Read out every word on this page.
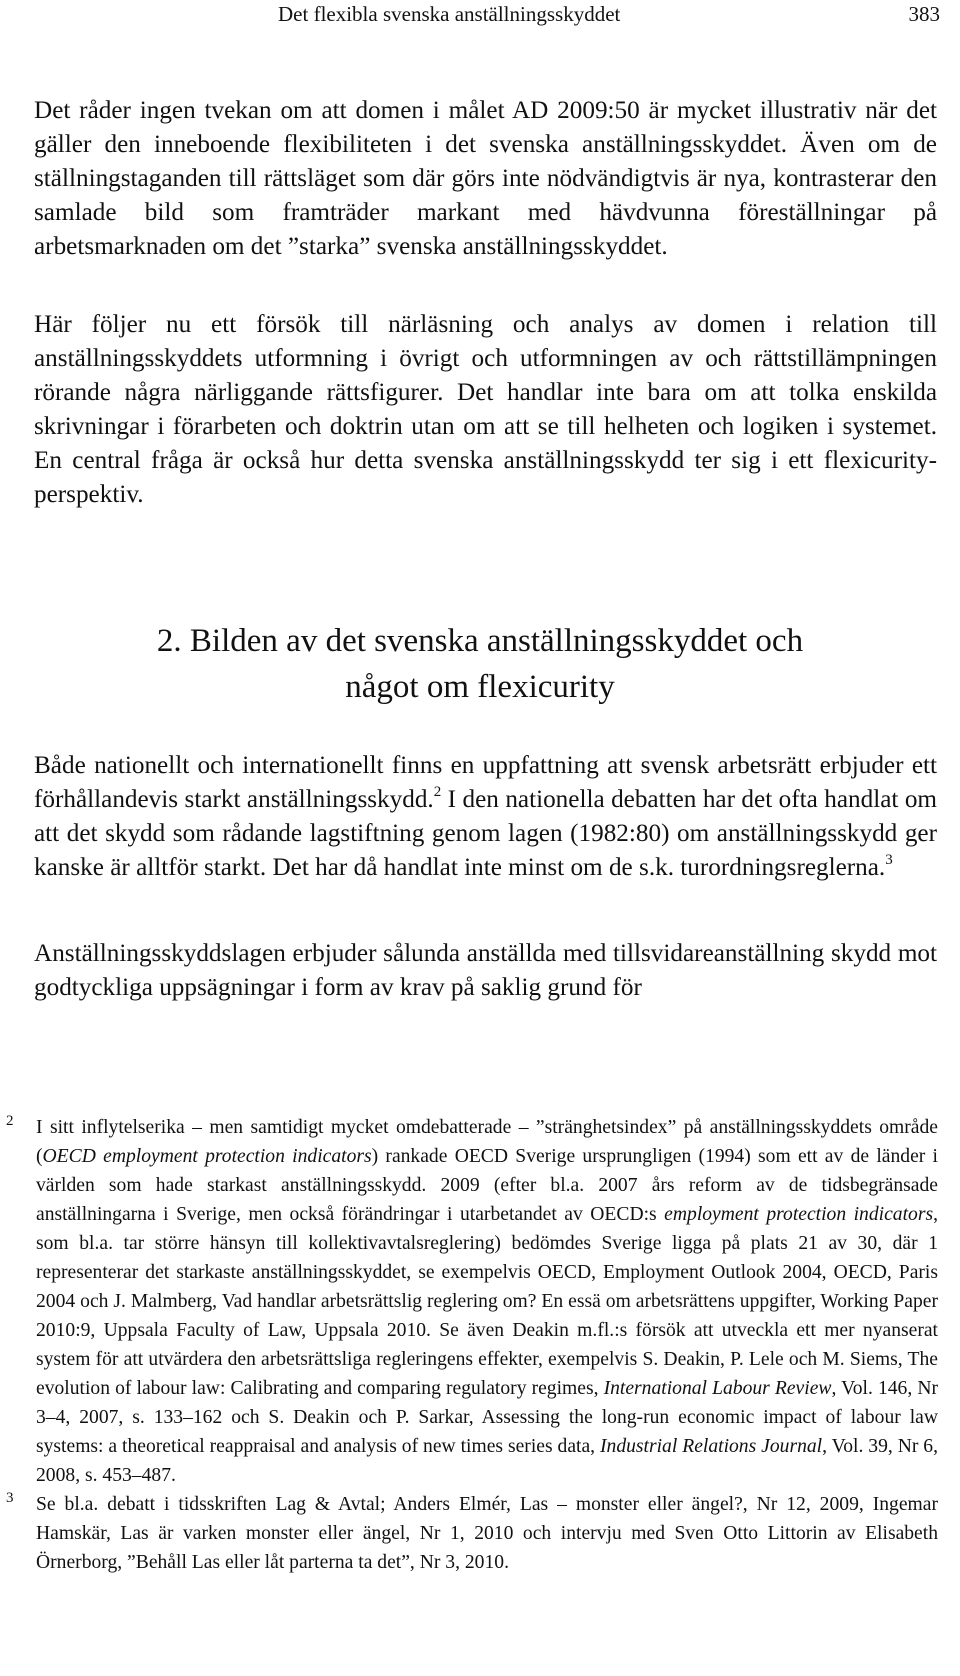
Det flexibla svenska anställningsskyddet	383

Det råder ingen tvekan om att domen i målet AD 2009:50 är mycket illustrativ när det gäller den inneboende flexibiliteten i det svenska anställningsskyddet. Även om de ställningstaganden till rättsläget som där görs inte nödvändigtvis är nya, kontrasterar den samlade bild som framträder markant med hävdvunna föreställningar på arbetsmarknaden om det ”starka” svenska anställningsskyddet.

Här följer nu ett försök till närläsning och analys av domen i relation till anställningsskyddets utformning i övrigt och utformningen av och rättstillämpningen rörande några närliggande rättsfigurer. Det handlar inte bara om att tolka enskilda skrivningar i förarbeten och doktrin utan om att se till helheten och logiken i systemet. En central fråga är också hur detta svenska anställningsskydd ter sig i ett flexicurity-perspektiv.

2. Bilden av det svenska anställningsskyddet och
något om flexicurity

Både nationellt och internationellt finns en uppfattning att svensk arbetsrätt erbjuder ett förhållandevis starkt anställningsskydd.$^2$ I den nationella debatten har det ofta handlat om att det skydd som rådande lagstiftning genom lagen (1982:80) om anställningsskydd ger kanske är alltför starkt. Det har då handlat inte minst om de s.k. turordningsreglerna.$^3$

Anställningsskyddslagen erbjuder sålunda anställda med tillsvidareanställning skydd mot godtyckliga uppsägningar i form av krav på saklig grund för

2 I sitt inflytelserika – men samtidigt mycket omdebatterade – ”stränghetsindex” på anställningsskyddets område (OECD employment protection indicators) rankade OECD Sverige ursprungligen (1994) som ett av de länder i världen som hade starkast anställningsskydd. 2009 (efter bl.a. 2007 års reform av de tidsbegränsade anställningarna i Sverige, men också förändringar i utarbetandet av OECD:s employment protection indicators, som bl.a. tar större hänsyn till kollektivavtalsreglering) bedömdes Sverige ligga på plats 21 av 30, där 1 representerar det starkaste anställningsskyddet, se exempelvis OECD, Employment Outlook 2004, OECD, Paris 2004 och J. Malmberg, Vad handlar arbetsrättslig reglering om? En essä om arbetsrättens uppgifter, Working Paper 2010:9, Uppsala Faculty of Law, Uppsala 2010. Se även Deakin m.fl.:s försök att utveckla ett mer nyanserat system för att utvärdera den arbetsrättsliga regleringens effekter, exempelvis S. Deakin, P. Lele och M. Siems, The evolution of labour law: Calibrating and comparing regulatory regimes, International Labour Review, Vol. 146, Nr 3–4, 2007, s. 133–162 och S. Deakin och P. Sarkar, Assessing the long-run economic impact of labour law systems: a theoretical reappraisal and analysis of new times series data, Industrial Relations Journal, Vol. 39, Nr 6, 2008, s. 453–487.
3 Se bl.a. debatt i tidsskriften Lag & Avtal; Anders Elmér, Las – monster eller ängel?, Nr 12, 2009, Ingemar Hamskär, Las är varken monster eller ängel, Nr 1, 2010 och intervju med Sven Otto Littorin av Elisabeth Örnerborg, ”Behåll Las eller låt parterna ta det”, Nr 3, 2010.
